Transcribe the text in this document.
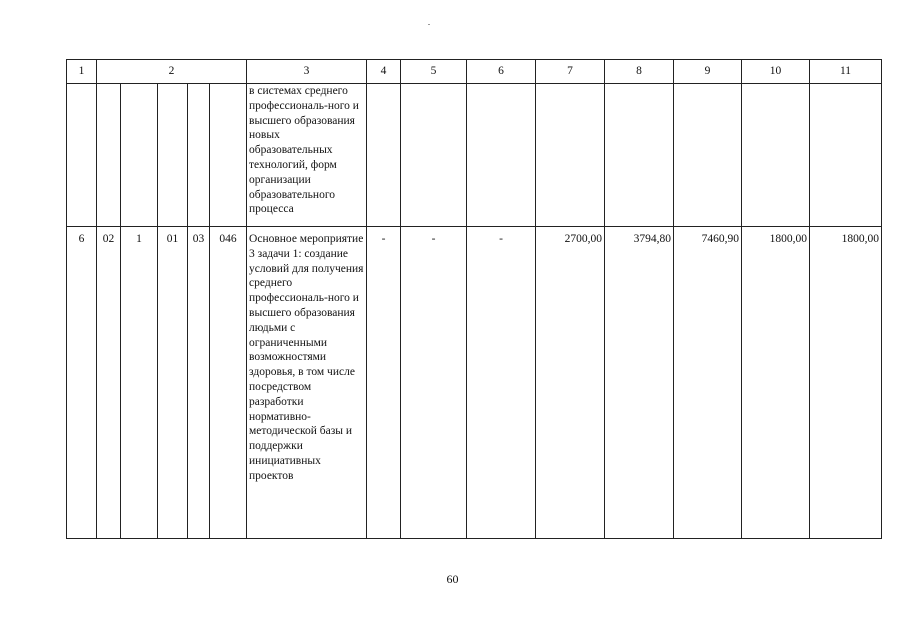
1	2					3	4	5	6	7	8	9	10	11
						в системах среднего профессиональ-ного и высшего образования новых образовательных технологий, форм организации образовательного процесса								
6	02	1	01	03	046	Основное мероприятие 3 задачи 1: создание условий для получения среднего профессиональ-ного и высшего образования людьми с ограниченными возможностями здоровья, в том числе посредством разработки нормативно-методической базы и поддержки инициативных проектов	-	-	-	2700,00	3794,80	7460,90	1800,00	1800,00
60
